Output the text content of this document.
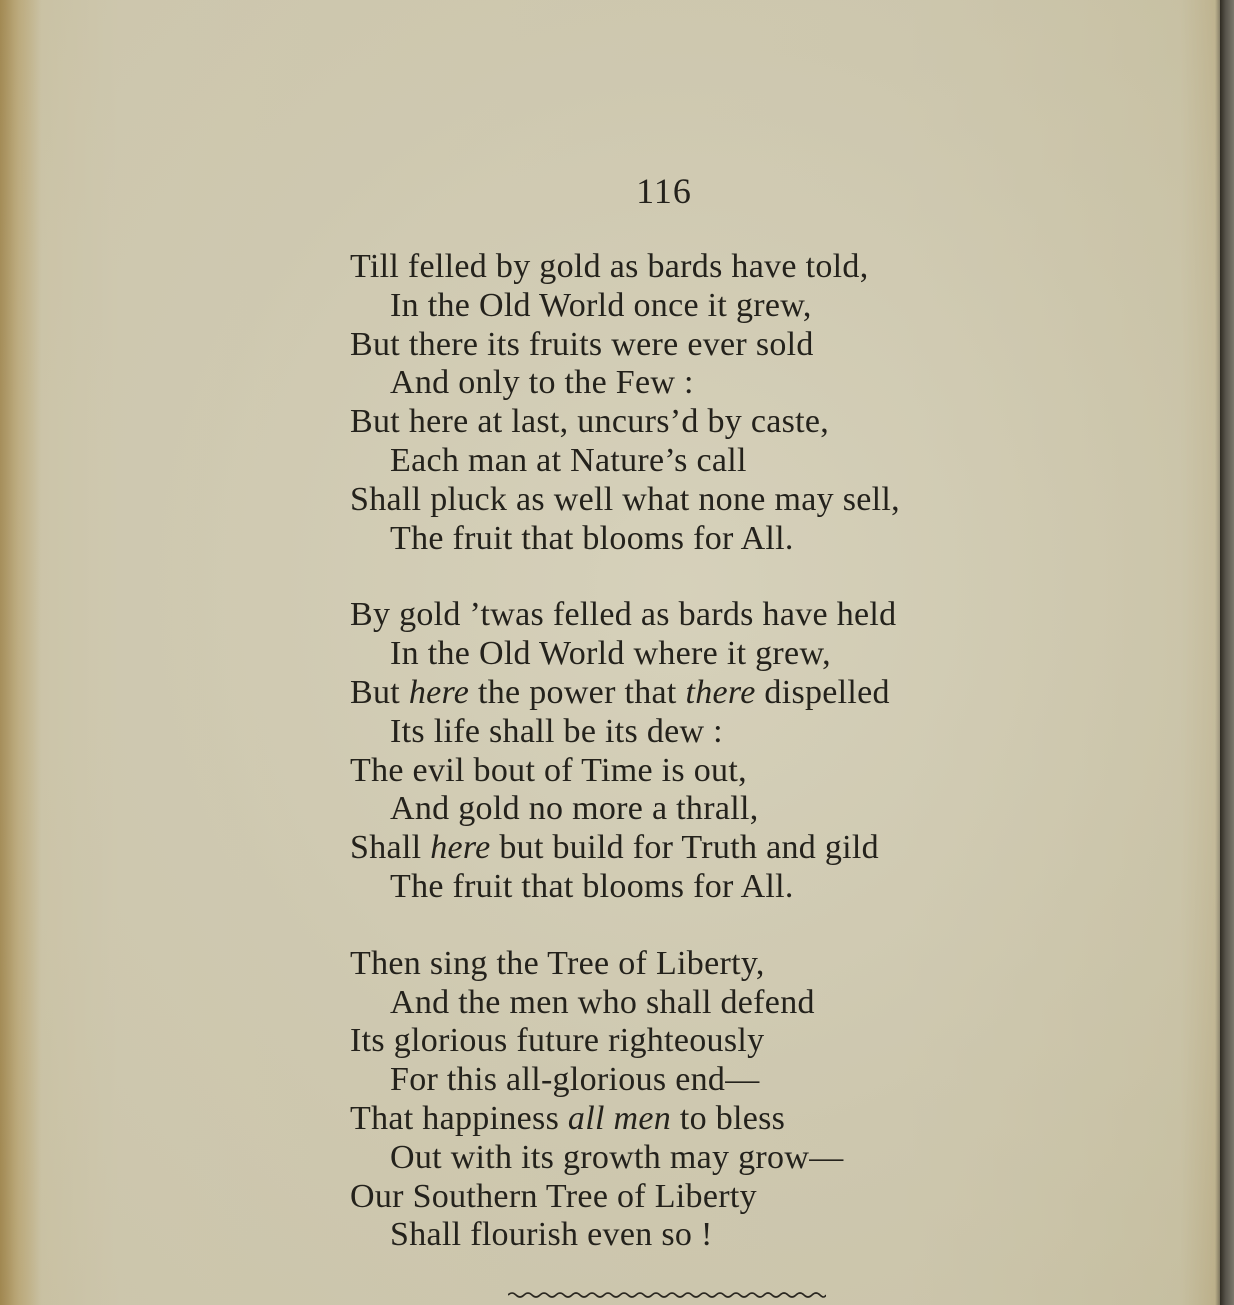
116
Till felled by gold as bards have told,
In the Old World once it grew,
But there its fruits were ever sold
And only to the Few :
But here at last, uncurs’d by caste,
Each man at Nature’s call
Shall pluck as well what none may sell,
The fruit that blooms for All.
By gold ’twas felled as bards have held
In the Old World where it grew,
But here the power that there dispelled
Its life shall be its dew :
The evil bout of Time is out,
And gold no more a thrall,
Shall here but build for Truth and gild
The fruit that blooms for All.
Then sing the Tree of Liberty,
And the men who shall defend
Its glorious future righteously
For this all-glorious end—
That happiness all men to bless
Out with its growth may grow—
Our Southern Tree of Liberty
Shall flourish even so !
